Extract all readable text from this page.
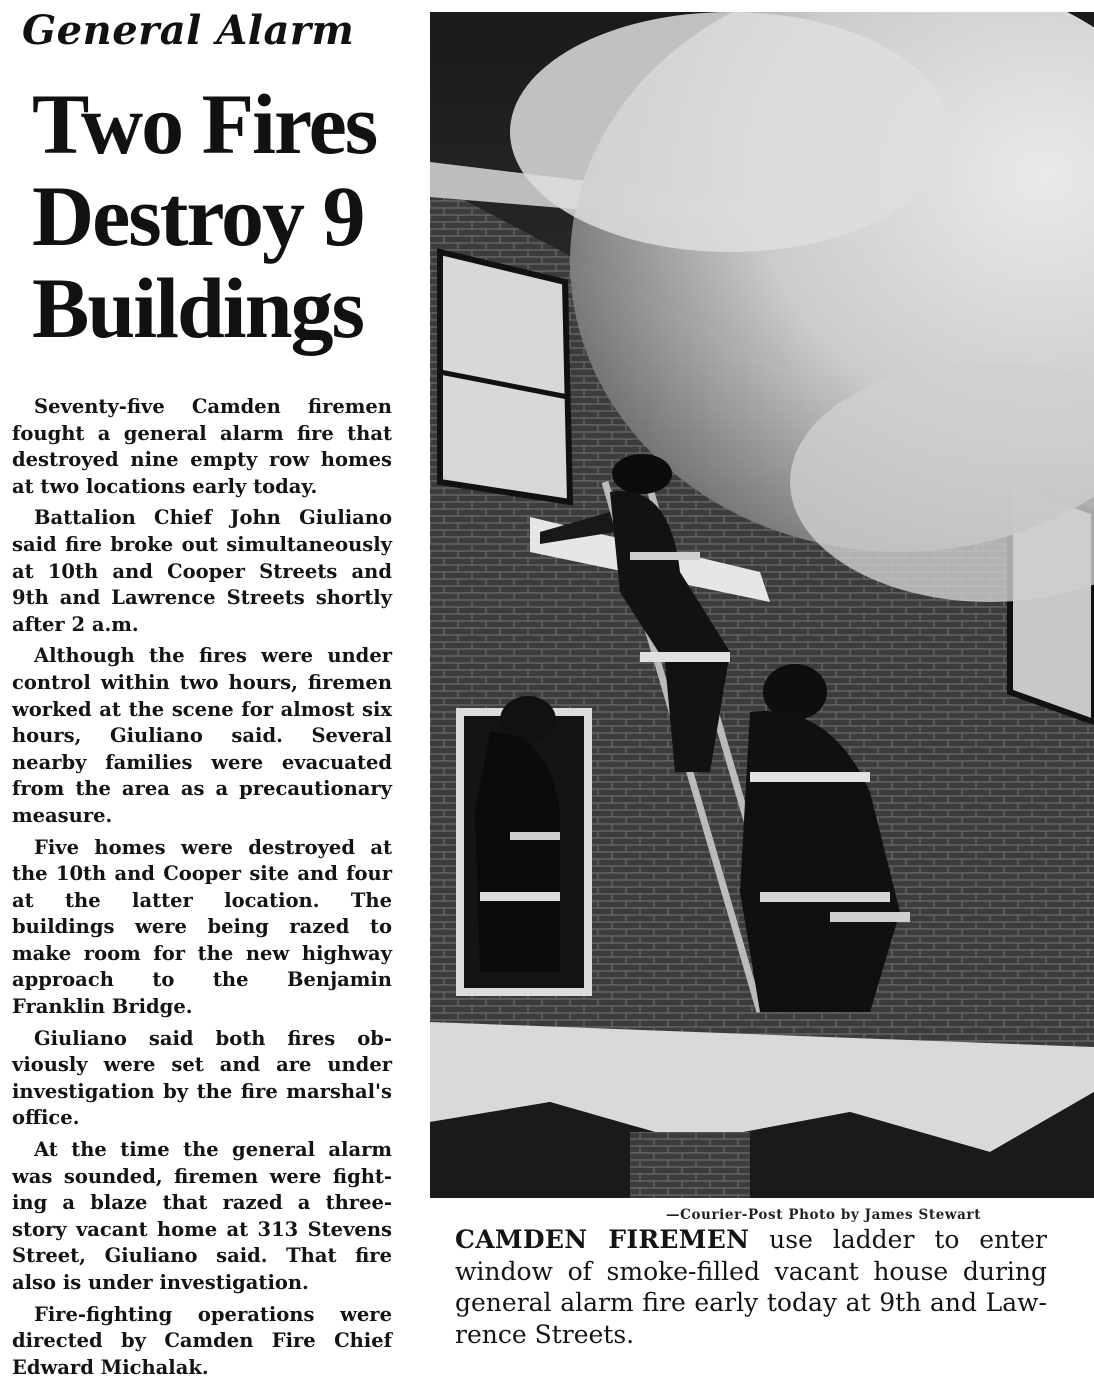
General Alarm
Two Fires Destroy 9 Buildings

Seventy-five Camden firemen fought a general alarm fire that destroyed nine empty row homes at two locations early today.

Battalion Chief John Giuliano said fire broke out simultaneously at 10th and Cooper Streets and 9th and Lawrence Streets shortly after 2 a.m.

Although the fires were under control within two hours, firemen worked at the scene for almost six hours, Giuliano said. Several nearby families were evacuated from the area as a precautionary measure.

Five homes were destroyed at the 10th and Cooper site and four at the latter location. The buildings were being razed to make room for the new highway approach to the Benjamin Franklin Bridge.

Giuliano said both fires obviously were set and are under investigation by the fire marshal's office.

At the time the general alarm was sounded, firemen were fighting a blaze that razed a three-story vacant home at 313 Stevens Street, Giuliano said. That fire also is under investigation.

Fire-fighting operations were directed by Camden Fire Chief Edward Michalak.

—Courier-Post Photo by James Stewart

CAMDEN FIREMEN use ladder to enter window of smoke-filled vacant house during general alarm fire early today at 9th and Lawrence Streets.
